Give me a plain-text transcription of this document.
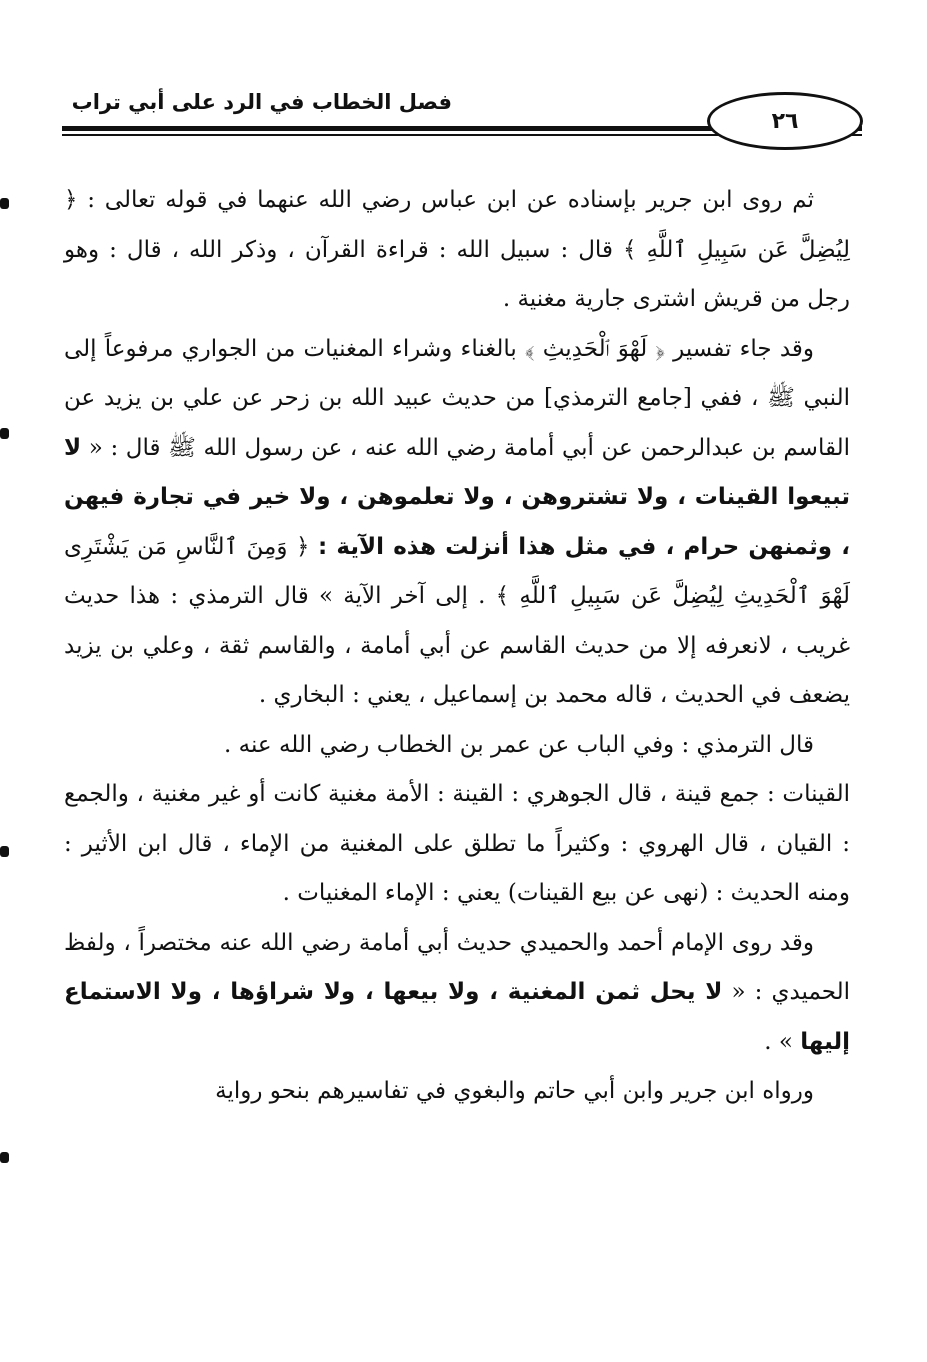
فصل الخطاب في الرد على أبي تراب
٢٦

ثم روى ابن جرير بإسناده عن ابن عباس رضي الله عنهما في قوله تعالى : ﴿ لِيُضِلَّ عَن سَبِيلِ ٱللَّهِ ﴾ قال : سبيل الله : قراءة القرآن ، وذكر الله ، قال : وهو رجل من قريش اشترى جارية مغنية .

وقد جاء تفسير ﴿ لَهْوَ ٱلْحَدِيثِ ﴾ بالغناء وشراء المغنيات من الجواري مرفوعاً إلى النبي ﷺ ، ففي [جامع الترمذي] من حديث عبيد الله بن زحر عن علي بن يزيد عن القاسم بن عبدالرحمن عن أبي أمامة رضي الله عنه ، عن رسول الله ﷺ قال : « لا تبيعوا القينات ، ولا تشتروهن ، ولا تعلموهن ، ولا خير في تجارة فيهن ، وثمنهن حرام ، في مثل هذا أنزلت هذه الآية : ﴿ وَمِنَ ٱلنَّاسِ مَن يَشْتَرِى لَهْوَ ٱلْحَدِيثِ لِيُضِلَّ عَن سَبِيلِ ٱللَّهِ ﴾ . إلى آخر الآية » قال الترمذي : هذا حديث غريب ، لانعرفه إلا من حديث القاسم عن أبي أمامة ، والقاسم ثقة ، وعلي بن يزيد يضعف في الحديث ، قاله محمد بن إسماعيل ، يعني : البخاري .

قال الترمذي : وفي الباب عن عمر بن الخطاب رضي الله عنه .

القينات : جمع قينة ، قال الجوهري : القينة : الأمة مغنية كانت أو غير مغنية ، والجمع : القيان ، قال الهروي : وكثيراً ما تطلق على المغنية من الإماء ، قال ابن الأثير : ومنه الحديث : (نهى عن بيع القينات) يعني : الإماء المغنيات .

وقد روى الإمام أحمد والحميدي حديث أبي أمامة رضي الله عنه مختصراً ، ولفظ الحميدي : « لا يحل ثمن المغنية ، ولا بيعها ، ولا شراؤها ، ولا الاستماع إليها » .

ورواه ابن جرير وابن أبي حاتم والبغوي في تفاسيرهم بنحو رواية
